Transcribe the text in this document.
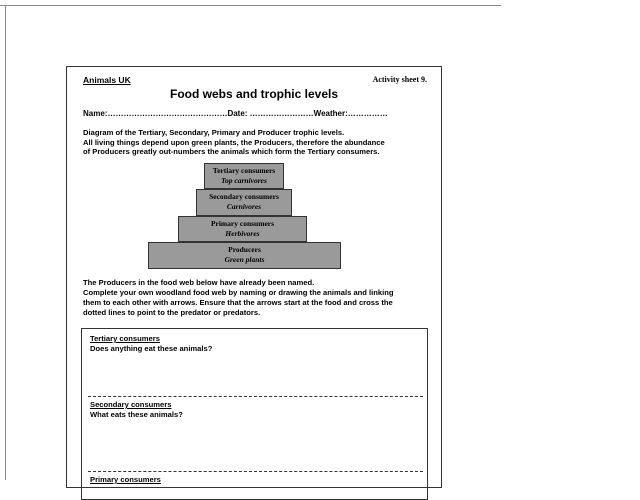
Animals UK	Activity sheet 9.
Food webs and trophic levels
Name:………………………………………Date: ……………………Weather:……………
Diagram of the Tertiary, Secondary, Primary and Producer trophic levels.
All living things depend upon green plants, the Producers, therefore the abundance
of Producers greatly out-numbers the animals which form the Tertiary consumers.
Tertiary consumers
Top carnivores
Secondary consumers
Carnivores
Primary consumers
Herbivores
Producers
Green plants
The Producers in the food web below have already been named.
Complete your own woodland food web by naming or drawing the animals and linking
them to each other with arrows. Ensure that the arrows start at the food and cross the
dotted lines to point to the predator or predators.
Tertiary consumers
Does anything eat these animals?
Secondary consumers
What eats these animals?
Primary consumers
